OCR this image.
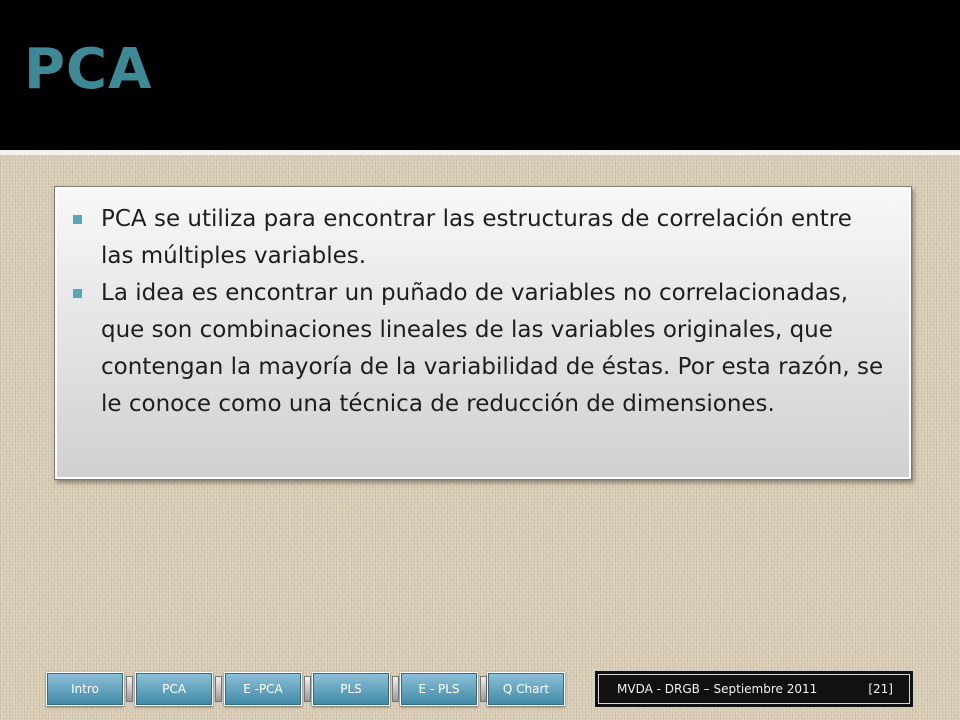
PCA
PCA se utiliza para encontrar las estructuras de correlación entre las múltiples variables.
La idea es encontrar un puñado de variables no correlacionadas, que son combinaciones lineales de las variables originales, que contengan la mayoría de la variabilidad de éstas. Por esta razón, se le conoce como una técnica de reducción de dimensiones.
Intro	PCA	E -PCA	PLS	E - PLS	Q Chart	MVDA - DRGB – Septiembre 2011	[21]
